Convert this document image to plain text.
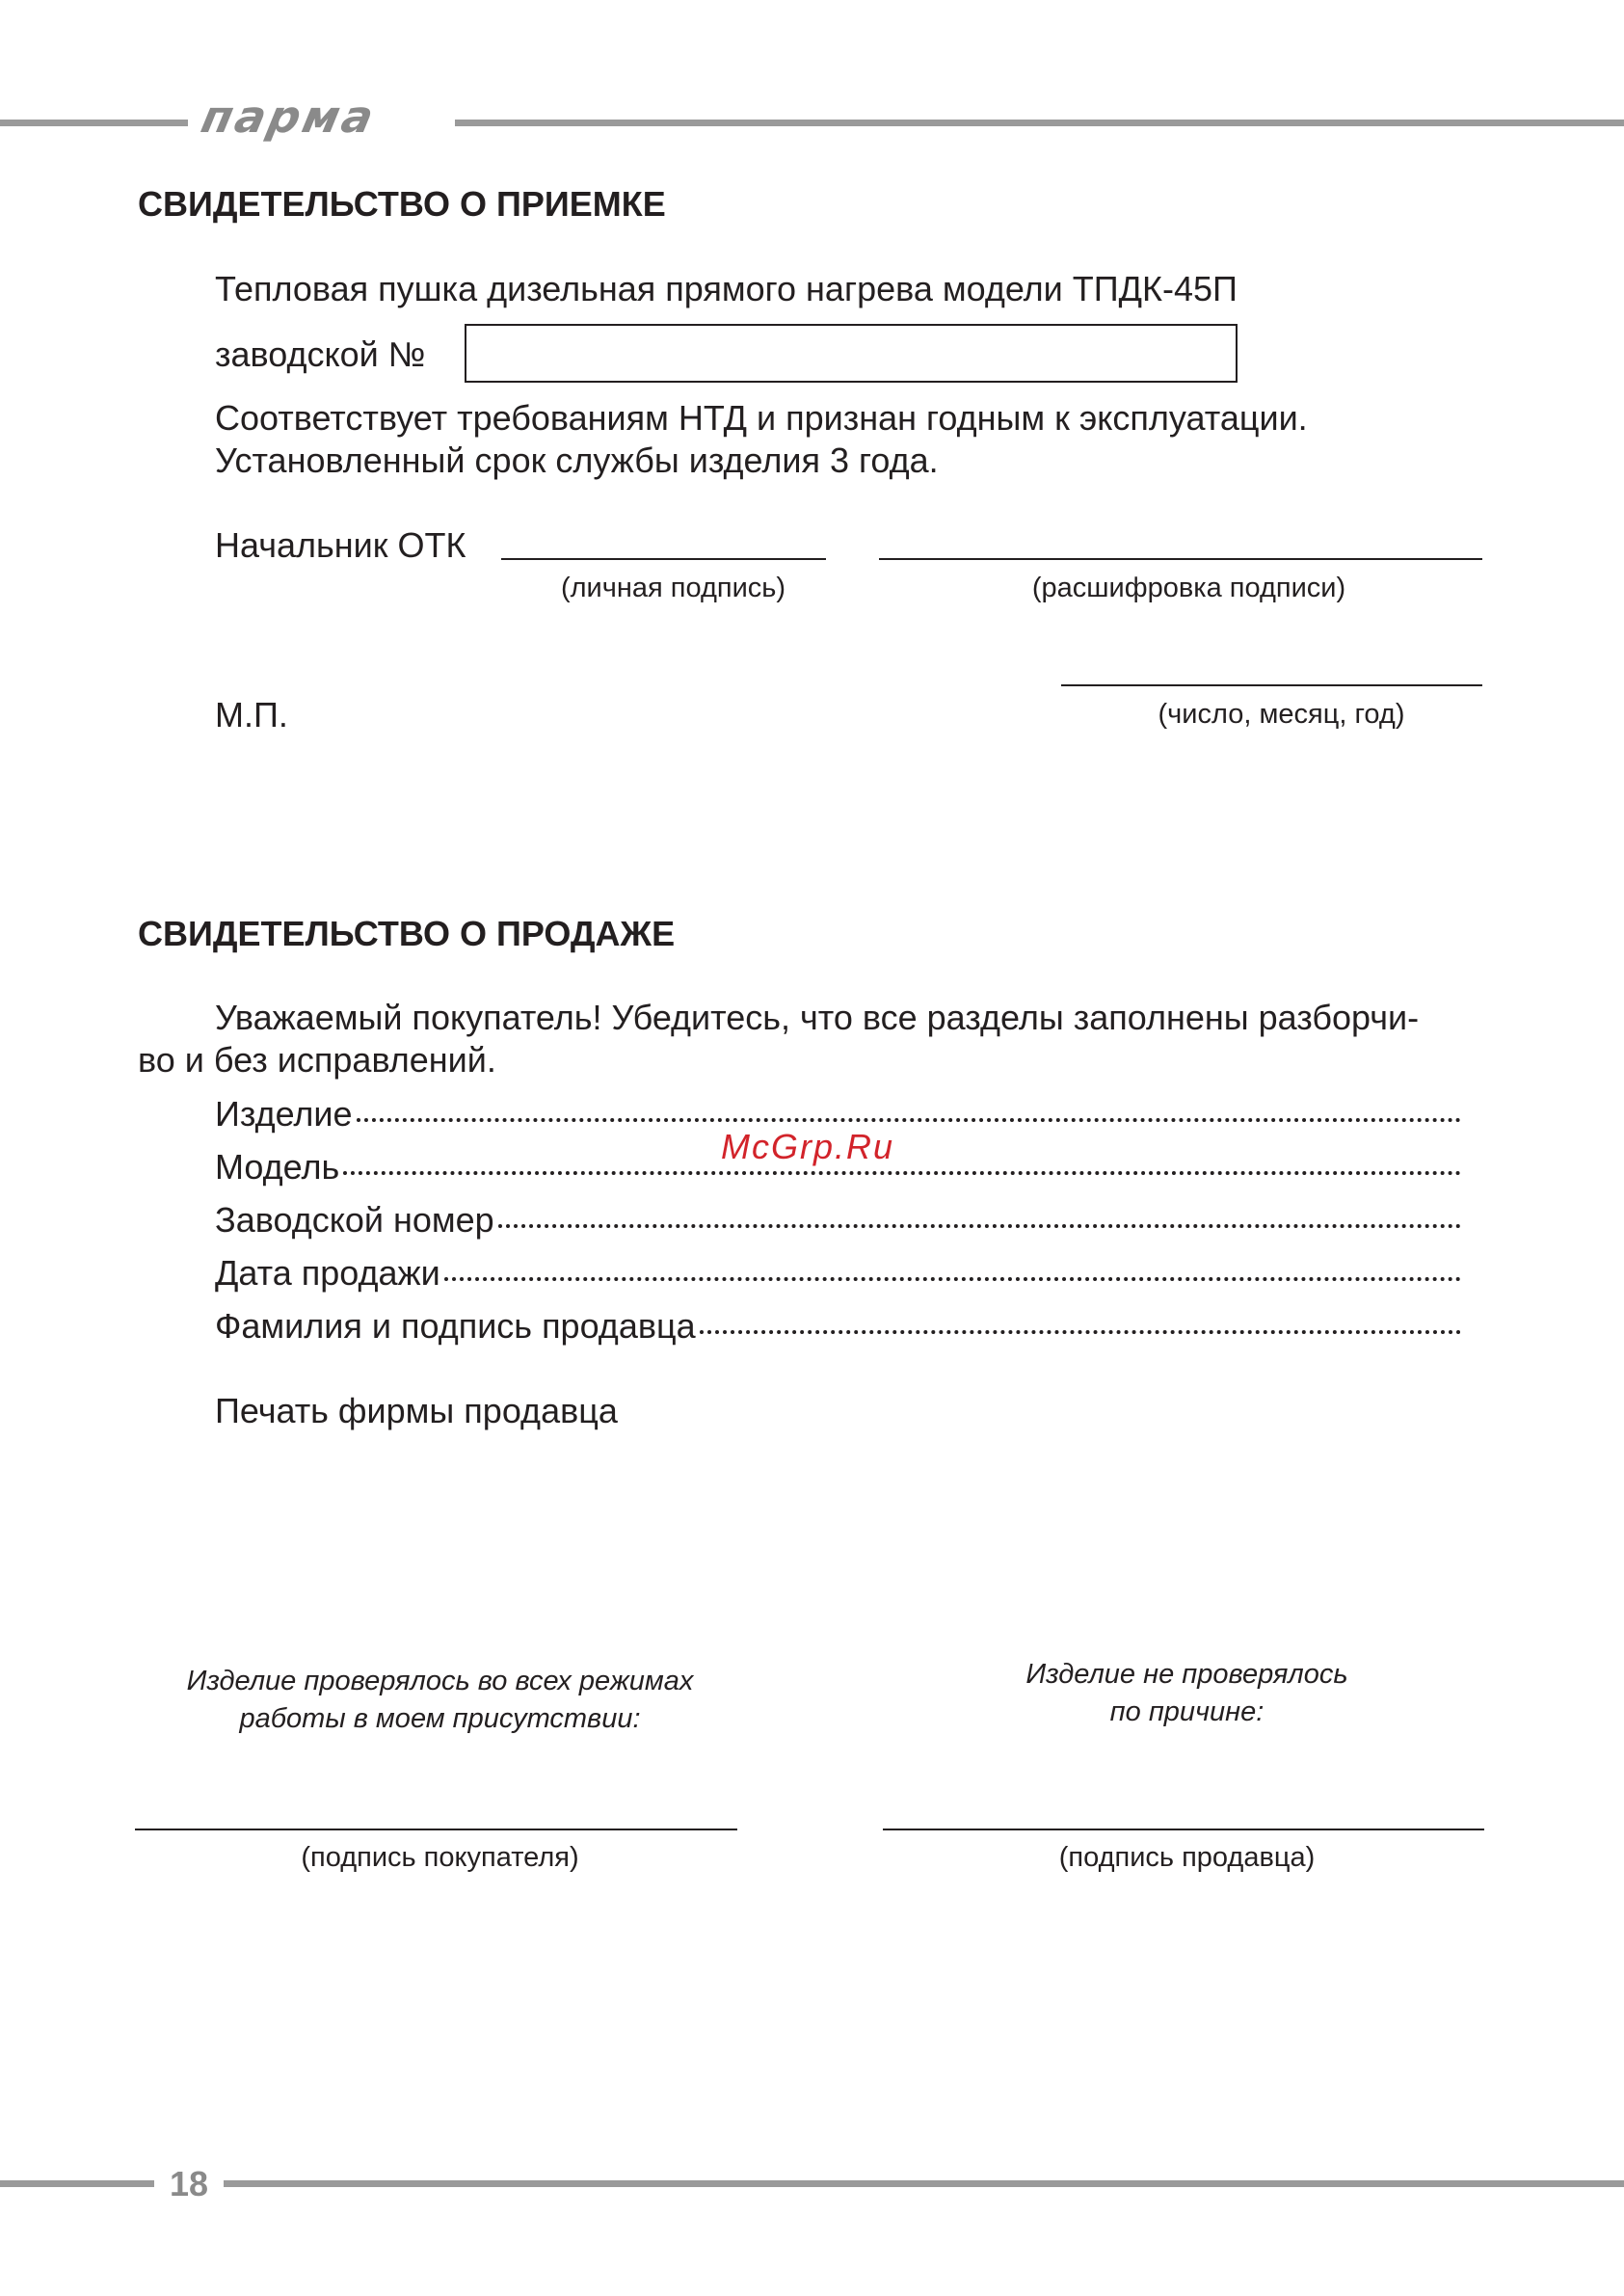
парма
СВИДЕТЕЛЬСТВО О ПРИЕМКЕ
Тепловая пушка дизельная прямого нагрева модели ТПДК-45П
заводской №
Соответствует требованиям НТД и признан годным к эксплуатации.
Установленный срок службы изделия 3 года.
Начальник ОТК
(личная подпись)	(расшифровка подписи)
М.П.	(число, месяц, год)
СВИДЕТЕЛЬСТВО О ПРОДАЖЕ
Уважаемый покупатель! Убедитесь, что все разделы заполнены разборчи-
во и без исправлений.
Изделие
Модель
Заводской номер
Дата продажи
Фамилия и подпись продавца
Печать фирмы продавца
Изделие проверялось во всех режимах
работы в моем присутствии:
Изделие не проверялось
по причине:
(подпись покупателя)	(подпись продавца)
McGrp.Ru
18
